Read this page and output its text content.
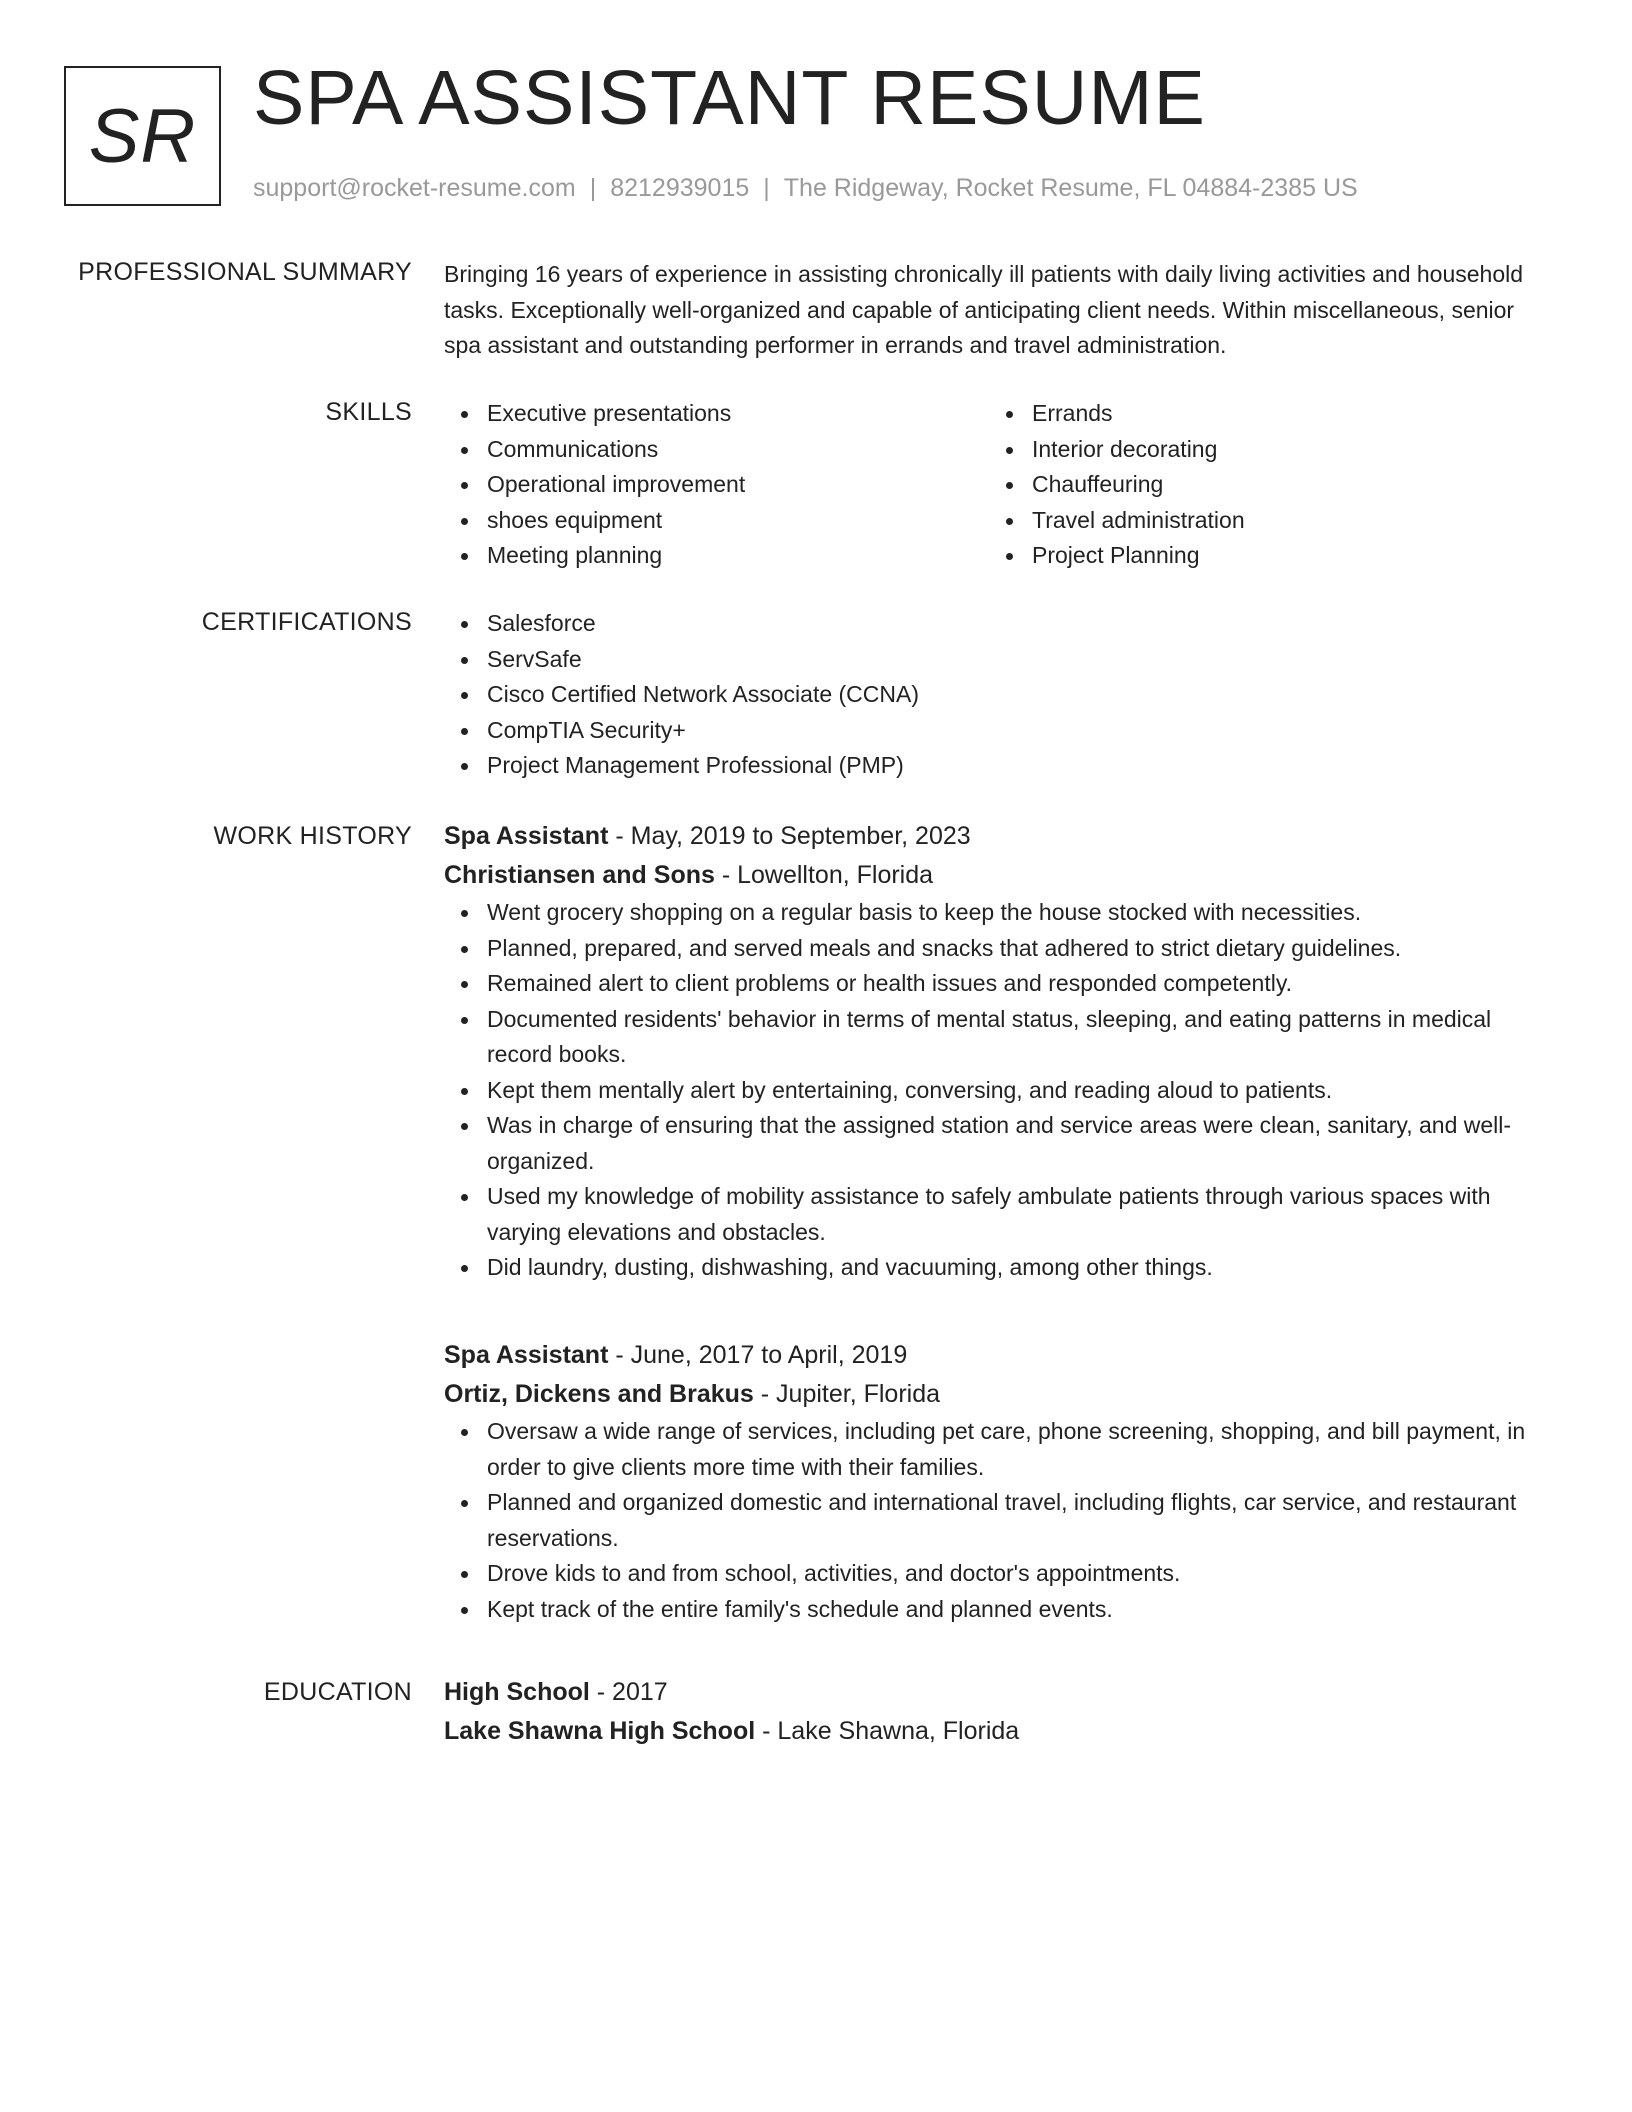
SR SPA ASSISTANT RESUME
support@rocket-resume.com | 8212939015 | The Ridgeway, Rocket Resume, FL 04884-2385 US
PROFESSIONAL SUMMARY Bringing 16 years of experience in assisting chronically ill patients with daily living activities and household tasks. Exceptionally well-organized and capable of anticipating client needs. Within miscellaneous, senior spa assistant and outstanding performer in errands and travel administration.

SKILLS	Executive presentations
Communications
Operational improvement
shoes equipment
Meeting planning
Errands
Interior decorating
Chauffeuring
Travel administration
Project Planning
CERTIFICATIONS	Salesforce
ServSafe
Cisco Certified Network Associate (CCNA)
CompTIA Security+
Project Management Professional (PMP)
WORK HISTORY Spa Assistant - May, 2019 to September, 2023
Christiansen and Sons - Lowellton, Florida
Went grocery shopping on a regular basis to keep the house stocked with necessities.
Planned, prepared, and served meals and snacks that adhered to strict dietary guidelines.
Remained alert to client problems or health issues and responded competently.
Documented residents' behavior in terms of mental status, sleeping, and eating patterns in medical record books.
Kept them mentally alert by entertaining, conversing, and reading aloud to patients.
Was in charge of ensuring that the assigned station and service areas were clean, sanitary, and well-organized.
Used my knowledge of mobility assistance to safely ambulate patients through various spaces with varying elevations and obstacles.
Did laundry, dusting, dishwashing, and vacuuming, among other things.
Spa Assistant - June, 2017 to April, 2019
Ortiz, Dickens and Brakus - Jupiter, Florida
Oversaw a wide range of services, including pet care, phone screening, shopping, and bill payment, in order to give clients more time with their families.
Planned and organized domestic and international travel, including flights, car service, and restaurant reservations.
Drove kids to and from school, activities, and doctor's appointments.
Kept track of the entire family's schedule and planned events.
EDUCATION High School - 2017
Lake Shawna High School - Lake Shawna, Florida
